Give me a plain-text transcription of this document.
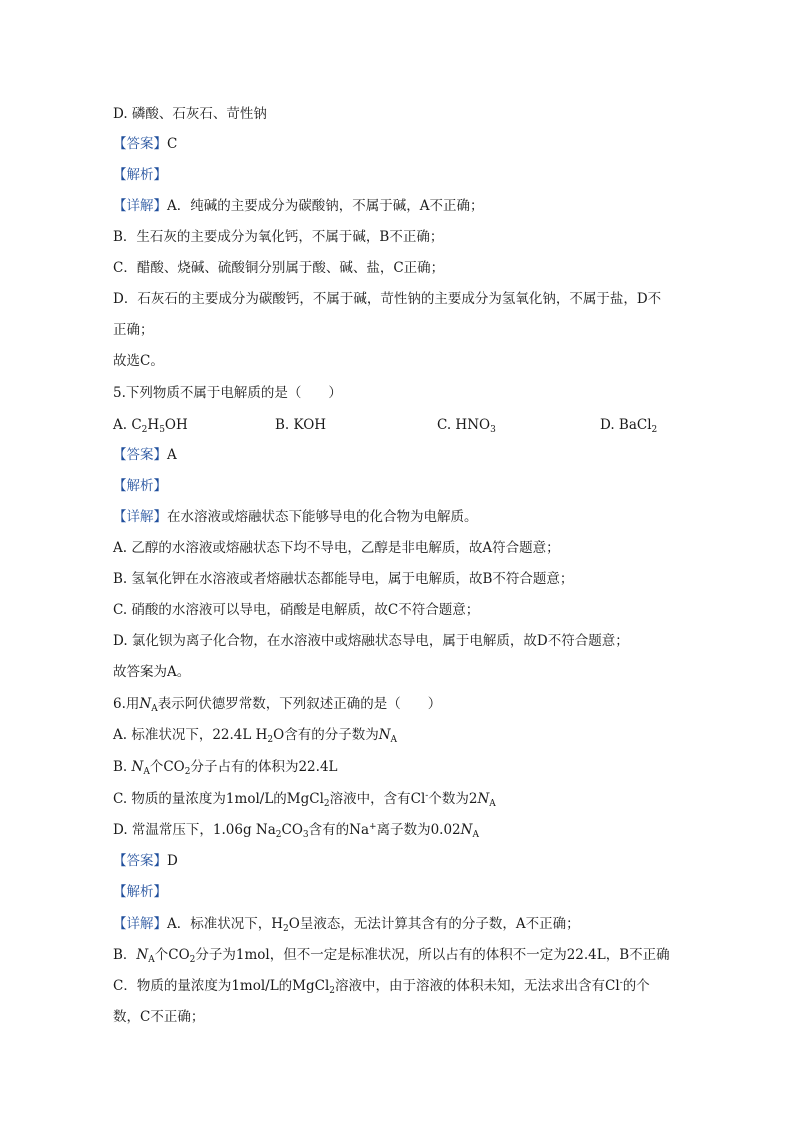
D. 磷酸、石灰石、苛性钠
【答案】C
【解析】
【详解】A．纯碱的主要成分为碳酸钠，不属于碱，A不正确；
B．生石灰的主要成分为氧化钙，不属于碱，B不正确；
C．醋酸、烧碱、硫酸铜分别属于酸、碱、盐，C正确；
D．石灰石的主要成分为碳酸钙，不属于碱，苛性钠的主要成分为氢氧化钠，不属于盐，D不
正确；
故选C。
5.下列物质不属于电解质的是（　　）
A. $C_2H_5OH$	B. KOH	C. $HNO_3$	D. BaCl$_2$
【答案】A
【解析】
【详解】在水溶液或熔融状态下能够导电的化合物为电解质。
A. 乙醇的水溶液或熔融状态下均不导电，乙醇是非电解质，故A符合题意；
B. 氢氧化钾在水溶液或者熔融状态都能导电，属于电解质，故B不符合题意；
C. 硝酸的水溶液可以导电，硝酸是电解质，故C不符合题意；
D. 氯化钡为离子化合物，在水溶液中或熔融状态导电，属于电解质，故D不符合题意；
故答案为A。
6.用$N_A$表示阿伏德罗常数，下列叙述正确的是（　　）
A. 标准状况下，22.4L $H_2O$含有的分子数为$N_A$
B. $N_A$个$CO_2$分子占有的体积为22.4L
C. 物质的量浓度为1mol/L的MgCl$_2$溶液中，含有Cl-个数为$2N_A$
D. 常温常压下，1.06g $Na_2CO_3$含有的Na+离子数为$0.02N_A$
【答案】D
【解析】
【详解】A．标准状况下，$H_2O$呈液态，无法计算其含有的分子数，A不正确；
B．$N_A$个$CO_2$分子为1mol，但不一定是标准状况，所以占有的体积不一定为22.4L，B不正确
C．物质的量浓度为1mol/L的MgCl$_2$溶液中，由于溶液的体积未知，无法求出含有Cl-的个
数，C不正确；
